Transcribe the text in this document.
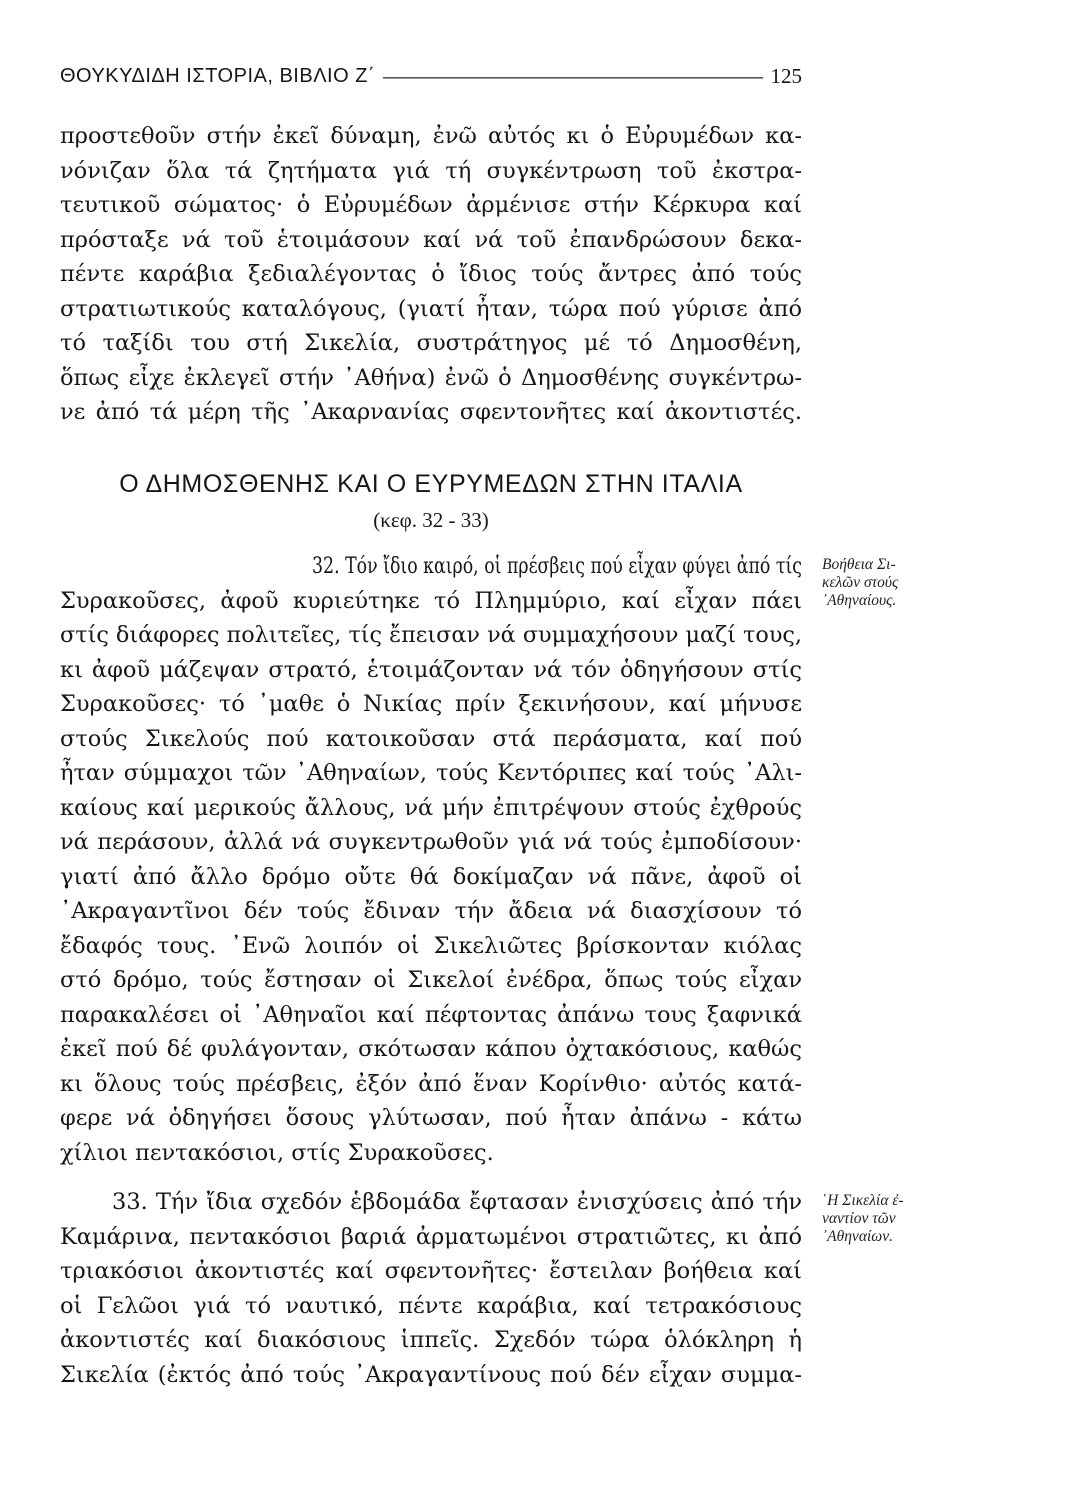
ΘΟΥΚΥΔΙΔΗ ΙΣΤΟΡΙΑ, ΒΙΒΛΙΟ Ζ΄	125
προστεθοῦν στήν ἐκεῖ δύναμη, ἐνῶ αὐτός κι ὁ Εὐρυμέδων κα-
νόνιζαν ὅλα τά ζητήματα γιά τή συγκέντρωση τοῦ ἐκστρα-
τευτικοῦ σώματος· ὁ Εὐρυμέδων ἀρμένισε στήν Κέρκυρα καί
πρόσταξε νά τοῦ ἑτοιμάσουν καί νά τοῦ ἐπανδρώσουν δεκα-
πέντε καράβια ξεδιαλέγοντας ὁ ἴδιος τούς ἄντρες ἀπό τούς
στρατιωτικούς καταλόγους, (γιατί ἦταν, τώρα πού γύρισε ἀπό
τό ταξίδι του στή Σικελία, συστράτηγος μέ τό Δημοσθένη,
ὅπως εἶχε ἐκλεγεῖ στήν ᾿Αθήνα) ἐνῶ ὁ Δημοσθένης συγκέντρω-
νε ἀπό τά μέρη τῆς ᾿Ακαρνανίας σφεντονῆτες καί ἀκοντιστές.
Ο ΔΗΜΟΣΘΕΝΗΣ ΚΑΙ Ο ΕΥΡΥΜΕΔΩΝ ΣΤΗΝ ΙΤΑΛΙΑ
(κεφ. 32 - 33)
32. Τόν ἴδιο καιρό, οἱ πρέσβεις πού εἶχαν φύγει ἀπό τίς
Συρακοῦσες, ἀφοῦ κυριεύτηκε τό Πλημμύριο, καί εἶχαν πάει
στίς διάφορες πολιτεῖες, τίς ἔπεισαν νά συμμαχήσουν μαζί τους,
κι ἀφοῦ μάζεψαν στρατό, ἑτοιμάζονταν νά τόν ὁδηγήσουν στίς
Συρακοῦσες· τό ᾿μαθε ὁ Νικίας πρίν ξεκινήσουν, καί μήνυσε
στούς Σικελούς πού κατοικοῦσαν στά περάσματα, καί πού
ἦταν σύμμαχοι τῶν ᾿Αθηναίων, τούς Κεντόριπες καί τούς ᾿Αλι-
καίους καί μερικούς ἄλλους, νά μήν ἐπιτρέψουν στούς ἐχθρούς
νά περάσουν, ἀλλά νά συγκεντρωθοῦν γιά νά τούς ἐμποδίσουν·
γιατί ἀπό ἄλλο δρόμο οὔτε θά δοκίμαζαν νά πᾶνε, ἀφοῦ οἱ
᾿Ακραγαντῖνοι δέν τούς ἔδιναν τήν ἄδεια νά διασχίσουν τό
ἔδαφός τους. ᾿Ενῶ λοιπόν οἱ Σικελιῶτες βρίσκονταν κιόλας
στό δρόμο, τούς ἔστησαν οἱ Σικελοί ἐνέδρα, ὅπως τούς εἶχαν
παρακαλέσει οἱ ᾿Αθηναῖοι καί πέφτοντας ἀπάνω τους ξαφνικά
ἐκεῖ πού δέ φυλάγονταν, σκότωσαν κάπου ὀχτακόσιους, καθώς
κι ὅλους τούς πρέσβεις, ἐξόν ἀπό ἕναν Κορίνθιο· αὐτός κατά-
φερε νά ὁδηγήσει ὅσους γλύτωσαν, πού ἦταν ἀπάνω - κάτω
χίλιοι πεντακόσιοι, στίς Συρακοῦσες.
33. Τήν ἴδια σχεδόν ἑβδομάδα ἔφτασαν ἐνισχύσεις ἀπό τήν
Καμάρινα, πεντακόσιοι βαριά ἀρματωμένοι στρατιῶτες, κι ἀπό
τριακόσιοι ἀκοντιστές καί σφεντονῆτες· ἔστειλαν βοήθεια καί
οἱ Γελῶοι γιά τό ναυτικό, πέντε καράβια, καί τετρακόσιους
ἀκοντιστές καί διακόσιους ἱππεῖς. Σχεδόν τώρα ὁλόκληρη ἡ
Σικελία (ἐκτός ἀπό τούς ᾿Ακραγαντίνους πού δέν εἶχαν συμμα-
Βοήθεια Σι-
κελῶν στούς
᾿Αθηναίους.
῾Η Σικελία ἐ-
ναντίον τῶν
᾿Αθηναίων.
